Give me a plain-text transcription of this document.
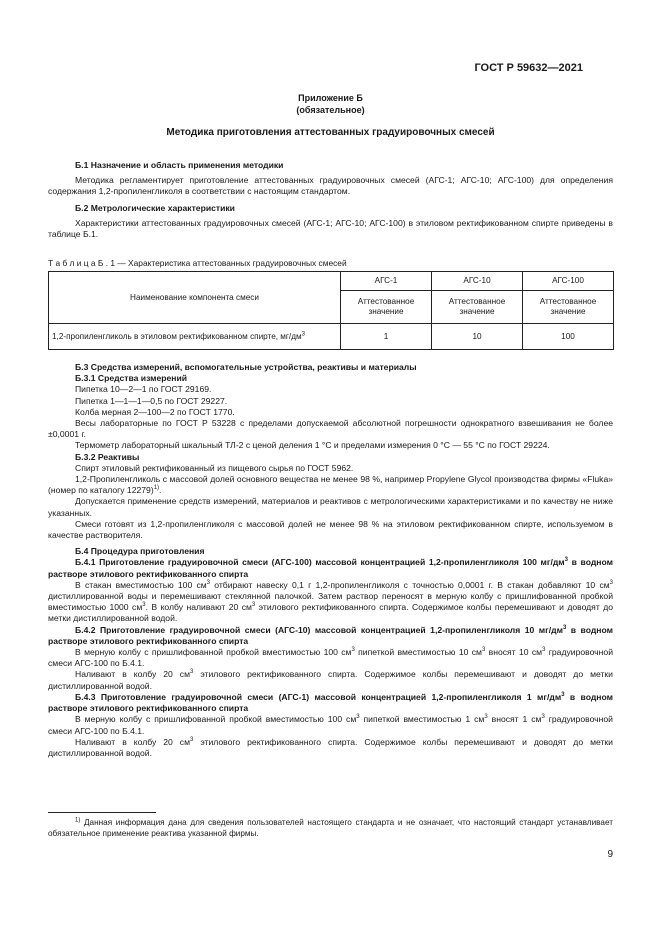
ГОСТ Р 59632—2021
Приложение Б
(обязательное)
Методика приготовления аттестованных градуировочных смесей

Б.1 Назначение и область применения методики

Методика регламентирует приготовление аттестованных градуировочных смесей (АГС-1; АГС-10; АГС-100) для определения содержания 1,2-пропиленгликоля в соответствии с настоящим стандартом.

Б.2 Метрологические характеристики

Характеристики аттестованных градуировочных смесей (АГС-1; АГС-10; АГС-100) в этиловом ректификованном спирте приведены в таблице Б.1.

Т а б л и ц а Б . 1 — Характеристика аттестованных градуировочных смесей
Наименование компонента смеси	АГС-1	АГС-10	АГС-100
	Аттестованное значение	Аттестованное значение	Аттестованное значение
1,2-пропиленгликоль в этиловом ректификованном спирте, $мг/дм^3$	1	10	100

Б.3 Средства измерений, вспомогательные устройства, реактивы и материалы

Б.3.1 Средства измерений

Пипетка 10—2—1 по ГОСТ 29169.

Пипетка 1—1—1—0,5 по ГОСТ 29227.

Колба мерная 2—100—2 по ГОСТ 1770.

Весы лабораторные по ГОСТ Р 53228 с пределами допускаемой абсолютной погрешности однократного взвешивания не более ±0,0001 г.

Термометр лабораторный шкальный ТЛ-2 с ценой деления 1 °С и пределами измерения 0 °С — 55 °С по ГОСТ 29224.

Б.3.2 Реактивы

Спирт этиловый ректификованный из пищевого сырья по ГОСТ 5962.

1,2-Пропиленгликоль с массовой долей основного вещества не менее 98 %, например Propylene Glycol производства фирмы «Fluka» (номер по каталогу 12279)$^{1)}$.

Допускается применение средств измерений, материалов и реактивов с метрологическими характеристиками и по качеству не ниже указанных.

Смеси готовят из 1,2-пропиленгликоля с массовой долей не менее 98 % на этиловом ректификованном спирте, используемом в качестве растворителя.

Б.4 Процедура приготовления

Б.4.1 Приготовление градуировочной смеси (АГС-100) массовой концентрацией 1,2-пропиленгликоля 100 $мг/дм^3$ в водном растворе этилового ректификованного спирта

В стакан вместимостью 100 $см^3$ отбирают навеску 0,1 г 1,2-пропиленгликоля с точностью 0,0001 г. В стакан добавляют 10 $см^3$ дистиллированной воды и перемешивают стеклянной палочкой. Затем раствор переносят в мерную колбу с пришлифованной пробкой вместимостью 1000 $см^3$. В колбу наливают 20 $см^3$ этилового ректификованного спирта. Содержимое колбы перемешивают и доводят до метки дистиллированной водой.

Б.4.2 Приготовление градуировочной смеси (АГС-10) массовой концентрацией 1,2-пропиленгликоля 10 $мг/дм^3$ в водном растворе этилового ректификованного спирта

В мерную колбу с пришлифованной пробкой вместимостью 100 $см^3$ пипеткой вместимостью 10 $см^3$ вносят 10 $см^3$ градуировочной смеси АГС-100 по Б.4.1.

Наливают в колбу 20 $см^3$ этилового ректификованного спирта. Содержимое колбы перемешивают и доводят до метки дистиллированной водой.

Б.4.3 Приготовление градуировочной смеси (АГС-1) массовой концентрацией 1,2-пропиленгликоля 1 $мг/дм^3$ в водном растворе этилового ректификованного спирта

В мерную колбу с пришлифованной пробкой вместимостью 100 $см^3$ пипеткой вместимостью 1 $см^3$ вносят 1 $см^3$ градуировочной смеси АГС-100 по Б.4.1.

Наливают в колбу 20 $см^3$ этилового ректификованного спирта. Содержимое колбы перемешивают и доводят до метки дистиллированной водой.

$^{1)}$ Данная информация дана для сведения пользователей настоящего стандарта и не означает, что настоящий стандарт устанавливает обязательное применение реактива указанной фирмы.

9
